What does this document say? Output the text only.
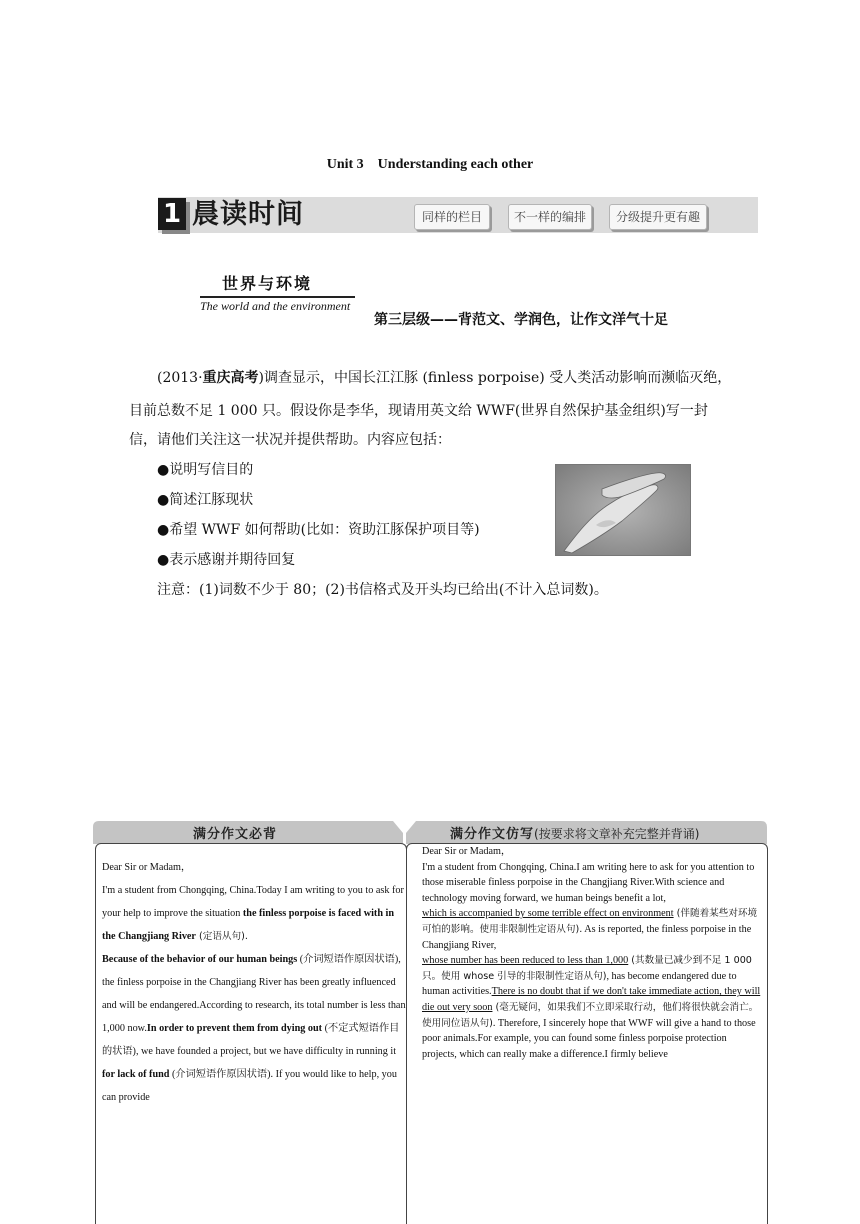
Unit 3    Understanding each other
1 晨读时间	同样的栏目	不一样的编排	分级提升更有趣
世界与环境
The world and the environment
第三层级——背范文、学润色，让作文洋气十足
(2013·重庆高考)调查显示，中国长江江豚 (finless porpoise) 受人类活动影响而濒临灭绝，
目前总数不足 1 000 只。假设你是李华，现请用英文给 WWF(世界自然保护基金组织)写一封
信，请他们关注这一状况并提供帮助。内容应包括：
●说明写信目的
●简述江豚现状
●希望 WWF 如何帮助(比如：资助江豚保护项目等)
●表示感谢并期待回复
注意：(1)词数不少于 80；(2)书信格式及开头均已给出(不计入总词数)。
满分作文必背	满分作文仿写(按要求将文章补充完整并背诵)
Dear Sir or Madam，
I'm a student from Chongqing, China.Today I am writing to you to ask for your help to improve the situation the finless porpoise is faced with in the Changjiang River (定语从句).
Because of the behavior of our human beings (介词短语作原因状语), the finless porpoise in the Changjiang River has been greatly influenced and will be endangered.According to research, its total number is less than 1,000 now.In order to prevent them from dying out (不定式短语作目的状语), we have founded a project, but we have difficulty in running it for lack of fund (介词短语作原因状语). If you would like to help, you can provide
Dear Sir or Madam，
I'm a student from Chongqing, China.I am writing here to ask for you attention to those miserable finless porpoise in the Changjiang River.With science and technology moving forward, we human beings benefit a lot,
which is accompanied by some terrible effect on environment (伴随着某些对环境可怕的影响。使用非限制性定语从句). As is reported, the finless porpoise in the Changjiang River,
whose number has been reduced to less than 1,000 (其数量已减少到不足 1 000 只。使用 whose 引导的非限制性定语从句), has become endangered due to human activities.There is no doubt that if we don't take immediate action, they will die out very soon (毫无疑问，如果我们不立即采取行动，他们将很快就会消亡。使用同位语从句). Therefore, I sincerely hope that WWF will give a hand to those poor animals.For example, you can found some finless porpoise protection projects, which can really make a difference.I firmly believe
